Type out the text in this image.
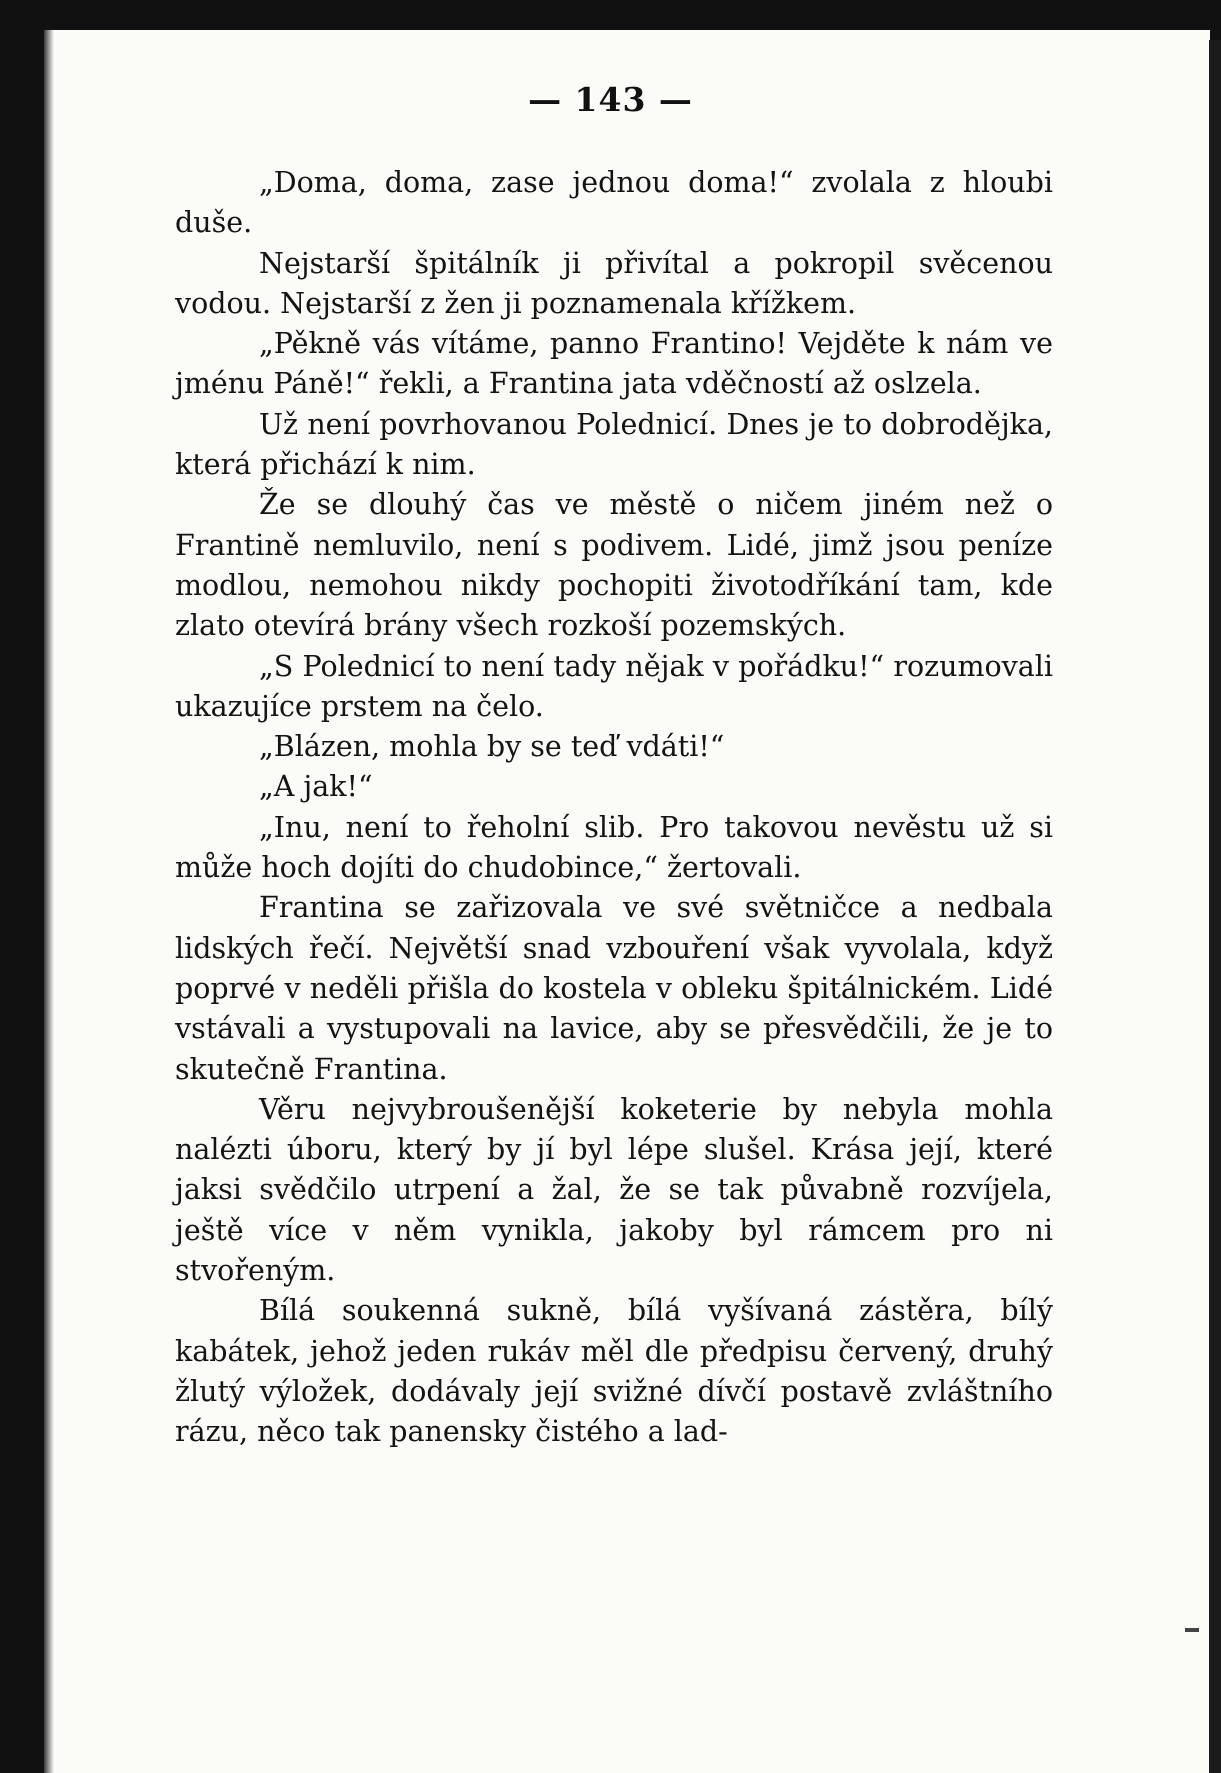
— 143 —

„Doma, doma, zase jednou doma!“ zvolala z hloubi duše.

Nejstarší špitálník ji přivítal a pokropil svěcenou vodou. Nejstarší z žen ji poznamenala křížkem.

„Pěkně vás vítáme, panno Frantino! Vejděte k nám ve jménu Páně!“ řekli, a Frantina jata vděčností až oslzela.

Už není povrhovanou Polednicí. Dnes je to dobrodějka, která přichází k nim.

Že se dlouhý čas ve městě o ničem jiném než o Frantině nemluvilo, není s podivem. Lidé, jimž jsou peníze modlou, nemohou nikdy pochopiti životodříkání tam, kde zlato otevírá brány všech rozkoší pozemských.

„S Polednicí to není tady nějak v pořádku!“ rozumovali ukazujíce prstem na čelo.

„Blázen, mohla by se teď vdáti!“

„A jak!“

„Inu, není to řeholní slib. Pro takovou nevěstu už si může hoch dojíti do chudobince,“ žertovali.

Frantina se zařizovala ve své světničce a nedbala lidských řečí. Největší snad vzbouření však vyvolala, když poprvé v neděli přišla do kostela v obleku špitálnickém. Lidé vstávali a vystupovali na lavice, aby se přesvědčili, že je to skutečně Frantina.

Věru nejvybroušenější koketerie by nebyla mohla nalézti úboru, který by jí byl lépe slušel. Krása její, které jaksi svědčilo utrpení a žal, že se tak půvabně rozvíjela, ještě více v něm vynikla, jakoby byl rámcem pro ni stvořeným.

Bílá soukenná sukně, bílá vyšívaná zástěra, bílý kabátek, jehož jeden rukáv měl dle předpisu červený, druhý žlutý výložek, dodávaly její svižné dívčí postavě zvláštního rázu, něco tak panensky čistého a lad-
